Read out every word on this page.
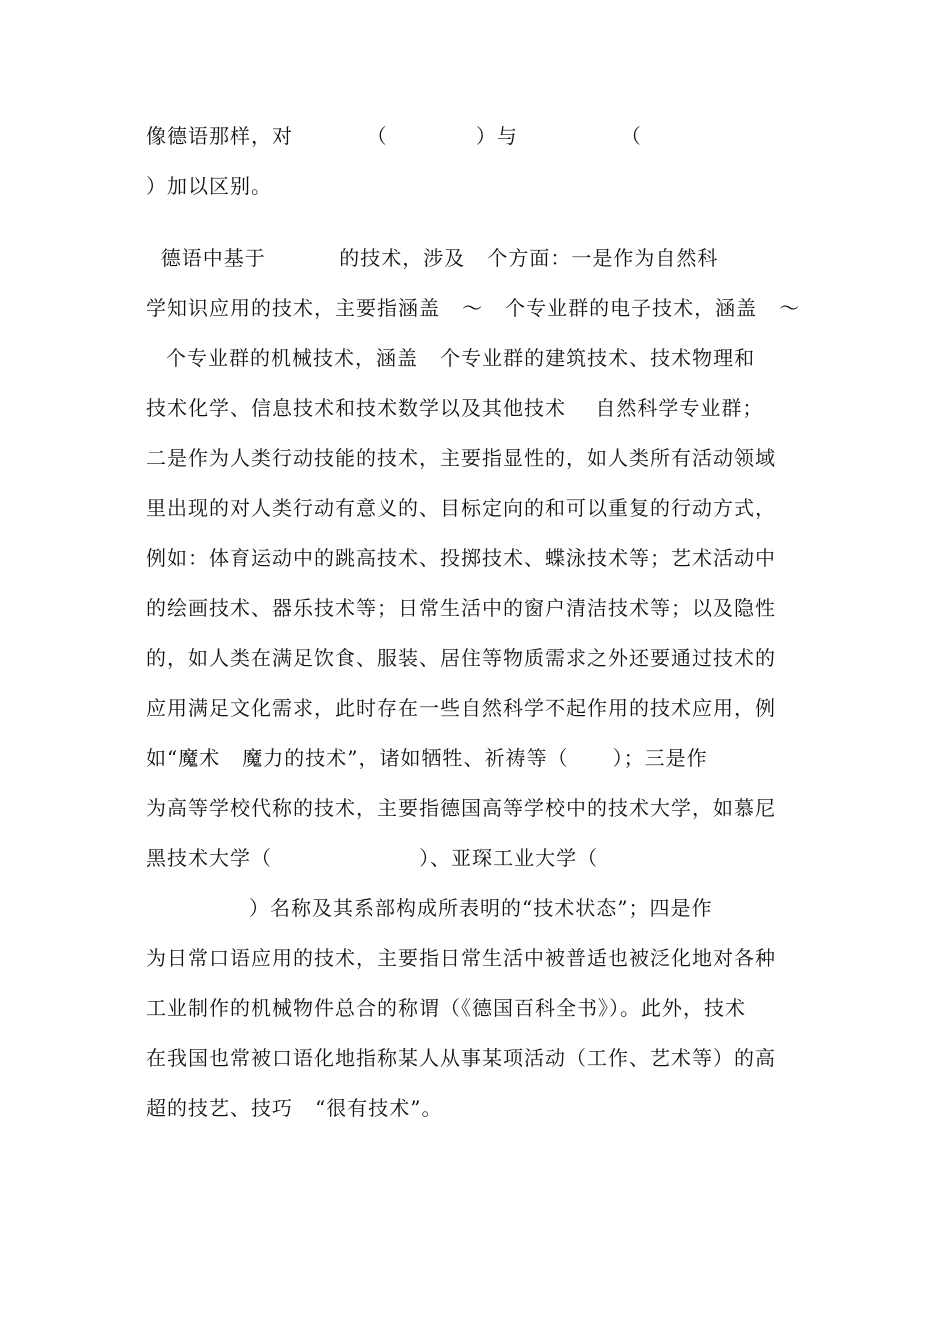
像德语那样，对          （            ）与              （
）加以区别。
德语中基于          的技术，涉及   个方面：一是作为自然科
学知识应用的技术，主要指涵盖   ～   个专业群的电子技术，涵盖   ～
个专业群的机械技术，涵盖   个专业群的建筑技术、技术物理和
技术化学、信息技术和技术数学以及其他技术    自然科学专业群；
二是作为人类行动技能的技术，主要指显性的，如人类所有活动领域
里出现的对人类行动有意义的、目标定向的和可以重复的行动方式，
例如：体育运动中的跳高技术、投掷技术、蝶泳技术等；艺术活动中
的绘画技术、器乐技术等；日常生活中的窗户清洁技术等；以及隐性
的，如人类在满足饮食、服装、居住等物质需求之外还要通过技术的
应用满足文化需求，此时存在一些自然科学不起作用的技术应用，例
如“魔术   魔力的技术”，诸如牺牲、祈祷等（      ）；三是作
为高等学校代称的技术，主要指德国高等学校中的技术大学，如慕尼
黑技术大学（                    ）、亚琛工业大学（
）名称及其系部构成所表明的“技术状态”；四是作
为日常口语应用的技术，主要指日常生活中被普适也被泛化地对各种
工业制作的机械物件总合的称谓（《德国百科全书》）。此外，技术
在我国也常被口语化地指称某人从事某项活动（工作、艺术等）的高
超的技艺、技巧   “很有技术”。
